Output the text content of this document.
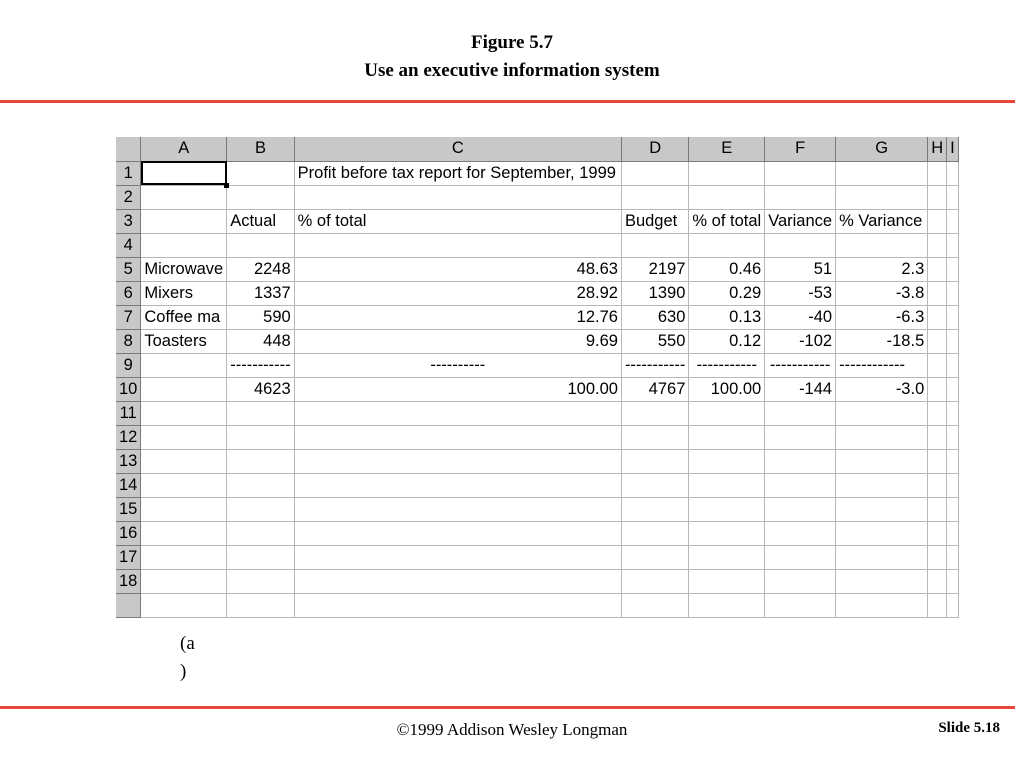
Figure 5.7
Use an executive information system
	A	B	C	D	E	F	G	H	I
1			Profit before tax report for September, 1999						
2									
3		Actual	% of total	Budget	% of total	Variance	% Variance		
4									
5	Microwave	2248	48.63	2197	0.46	51	2.3		
6	Mixers	1337	28.92	1390	0.29	-53	-3.8		
7	Coffee ma	590	12.76	630	0.13	-40	-6.3		
8	Toasters	448	9.69	550	0.12	-102	-18.5		
9		-----------	----------	-----------	-----------	-----------	------------		
10		4623	100.00	4767	100.00	-144	-3.0		
11									
12									
13									
14									
15									
16									
17									
18									

(a
)
©1999 Addison Wesley Longman	Slide 5.18
